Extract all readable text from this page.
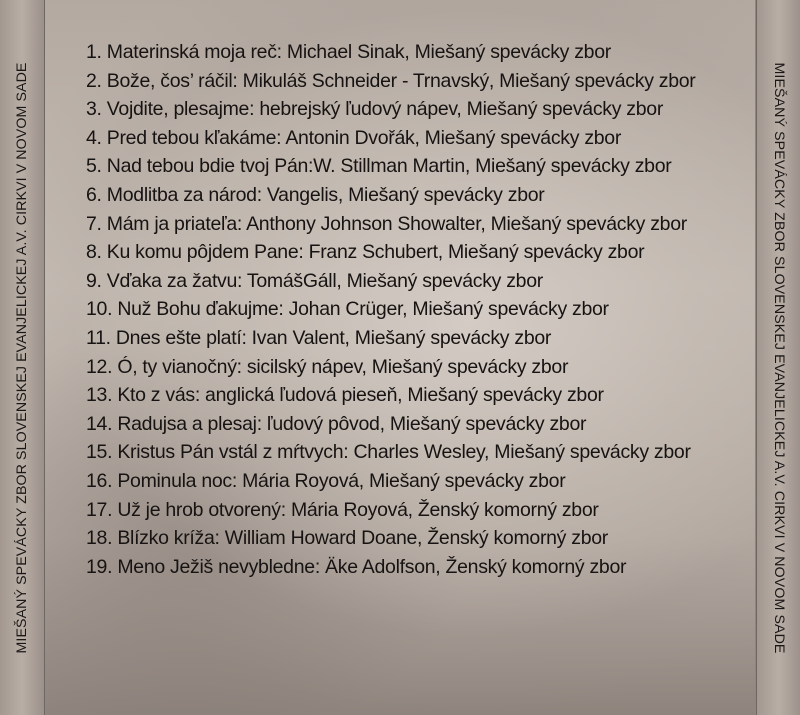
MIEŠANÝ SPEVÁCKY ZBOR SLOVENSKEJ EVANJELICKEJ A.V. CIRKVI V NOVOM SADE
1. Materinská moja reč: Michael Sinak, Miešaný spevácky zbor
2. Bože, čos’ ráčil: Mikuláš Schneider - Trnavský, Miešaný spevácky zbor
3. Vojdite, plesajme: hebrejský ľudový nápev, Miešaný spevácky zbor
4. Pred tebou kľakáme: Antonin Dvořák, Miešaný spevácky zbor
5. Nad tebou bdie tvoj Pán:W. Stillman Martin, Miešaný spevácky zbor
6. Modlitba za národ: Vangelis, Miešaný spevácky zbor
7. Mám ja priateľa: Anthony Johnson Showalter, Miešaný spevácky zbor
8. Ku komu pôjdem Pane: Franz Schubert, Miešaný spevácky zbor
9. Vďaka za žatvu: TomášGáll, Miešaný spevácky zbor
10. Nuž Bohu ďakujme: Johan Crüger, Miešaný spevácky zbor
11. Dnes ešte platí: Ivan Valent, Miešaný spevácky zbor
12. Ó, ty vianočný: sicilský nápev, Miešaný spevácky zbor
13. Kto z vás: anglická ľudová pieseň, Miešaný spevácky zbor
14. Radujsa a plesaj: ľudový pôvod, Miešaný spevácky zbor
15. Kristus Pán vstál z mŕtvych: Charles Wesley, Miešaný spevácky zbor
16. Pominula noc: Mária Royová, Miešaný spevácky zbor
17. Už je hrob otvorený: Mária Royová, Ženský komorný zbor
18. Blízko kríža: William Howard Doane, Ženský komorný zbor
19. Meno Ježiš nevybledne: Äke Adolfson, Ženský komorný zbor	MIEŠANÝ SPEVÁCKY ZBOR SLOVENSKEJ EVANJELICKEJ A.V. CIRKVI V NOVOM SADE
